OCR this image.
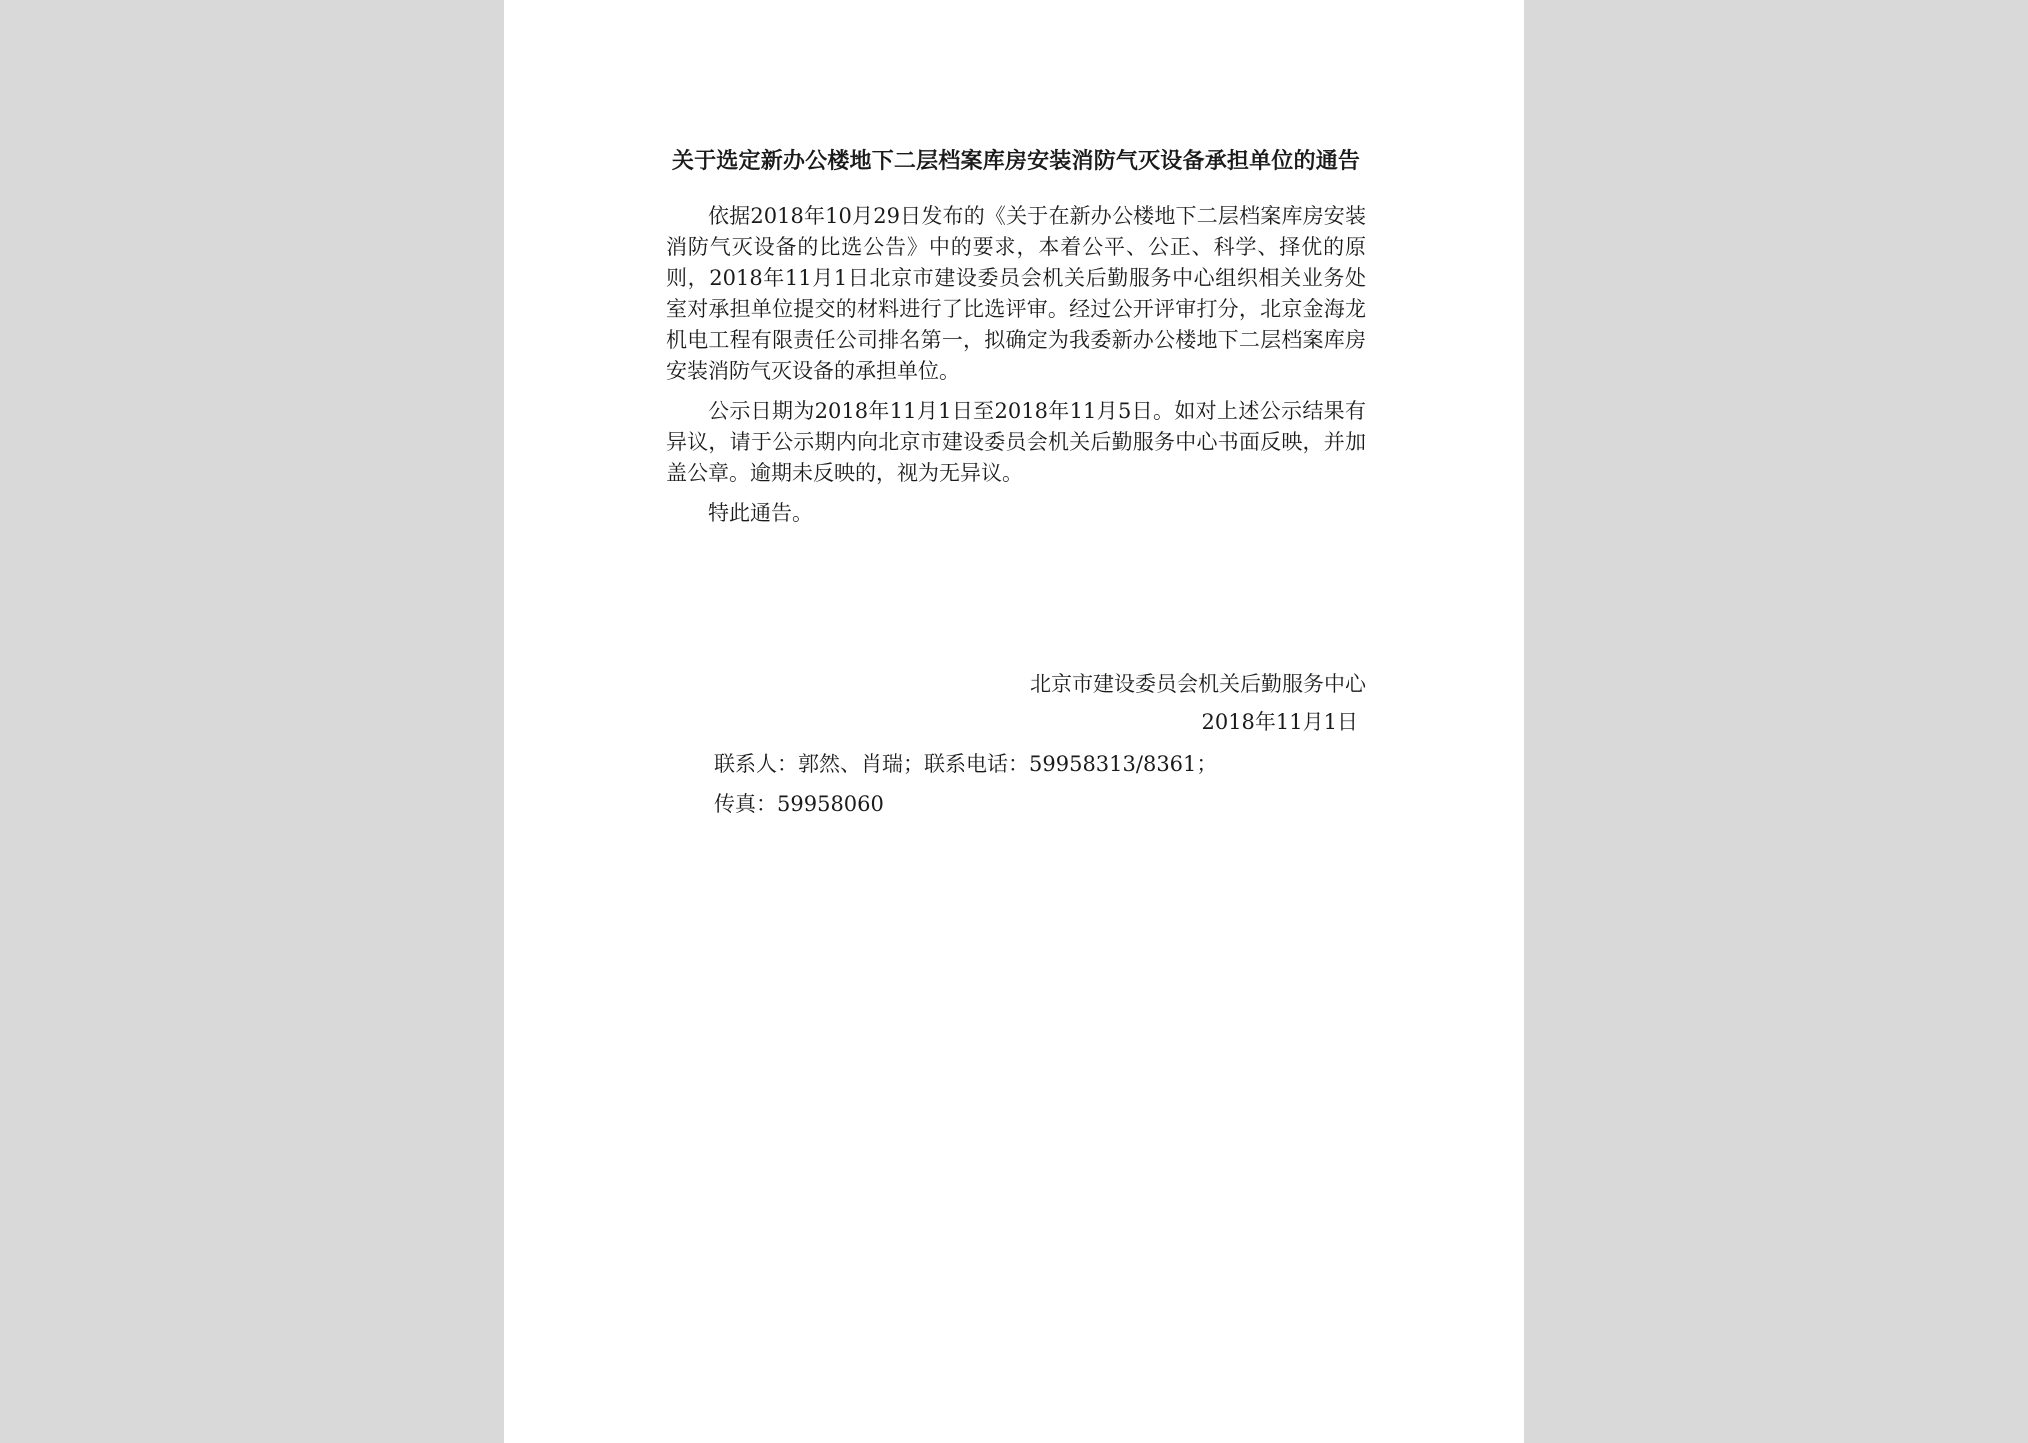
关于选定新办公楼地下二层档案库房安装消防气灭设备承担单位的通告

依据2018年10月29日发布的《关于在新办公楼地下二层档案库房安装消防气灭设备的比选公告》中的要求，本着公平、公正、科学、择优的原则，2018年11月1日北京市建设委员会机关后勤服务中心组织相关业务处室对承担单位提交的材料进行了比选评审。经过公开评审打分，北京金海龙机电工程有限责任公司排名第一，拟确定为我委新办公楼地下二层档案库房安装消防气灭设备的承担单位。

公示日期为2018年11月1日至2018年11月5日。如对上述公示结果有异议，请于公示期内向北京市建设委员会机关后勤服务中心书面反映，并加盖公章。逾期未反映的，视为无异议。

特此通告。

北京市建设委员会机关后勤服务中心
2018年11月1日
联系人：郭然、肖瑞；联系电话：59958313/8361；
传真：59958060
